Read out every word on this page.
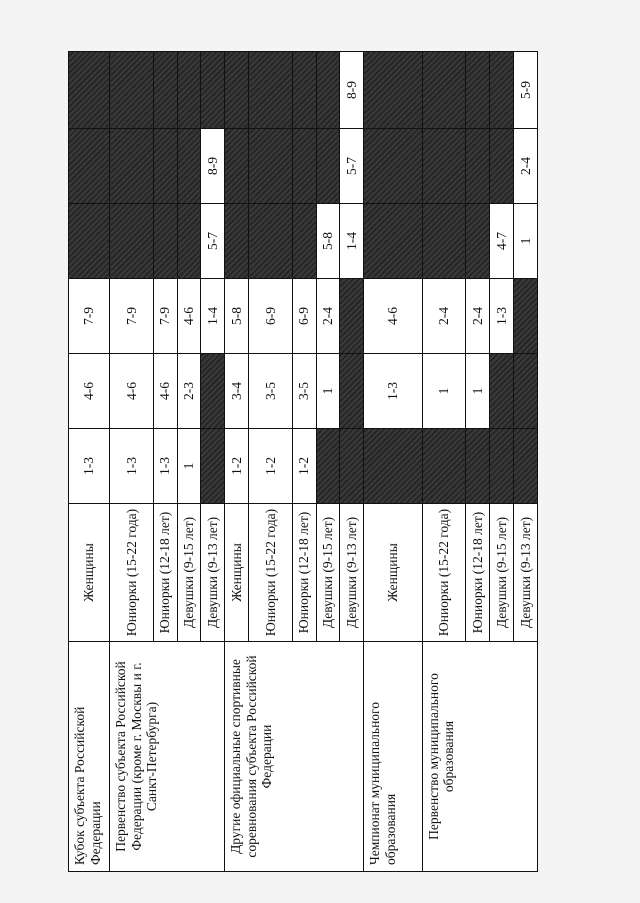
Кубок субъекта Российской Федерации	Женщины	1-3	4-6	7-9			
Первенство субъекта Российской Федерации (кроме г. Москвы и г. Санкт-Петербурга)	Юниорки (15-22 года)	1-3	4-6	7-9			
	Юниорки (12-18 лет)	1-3	4-6	7-9			
	Девушки (9-15 лет)	1	2-3	4-6			
	Девушки (9-13 лет)			1-4	5-7	8-9	
Другие официальные спортивные соревнования субъекта Российской Федерации	Женщины	1-2	3-4	5-8			
	Юниорки (15-22 года)	1-2	3-5	6-9			
	Юниорки (12-18 лет)	1-2	3-5	6-9			
	Девушки (9-15 лет)		1	2-4	5-8		
	Девушки (9-13 лет)				1-4	5-7	8-9
Чемпионат муниципального образования	Женщины		1-3	4-6			
Первенство муниципального образования	Юниорки (15-22 года)		1	2-4			
	Юниорки (12-18 лет)		1	2-4			
	Девушки (9-15 лет)			1-3	4-7		
	Девушки (9-13 лет)				1	2-4	5-9
